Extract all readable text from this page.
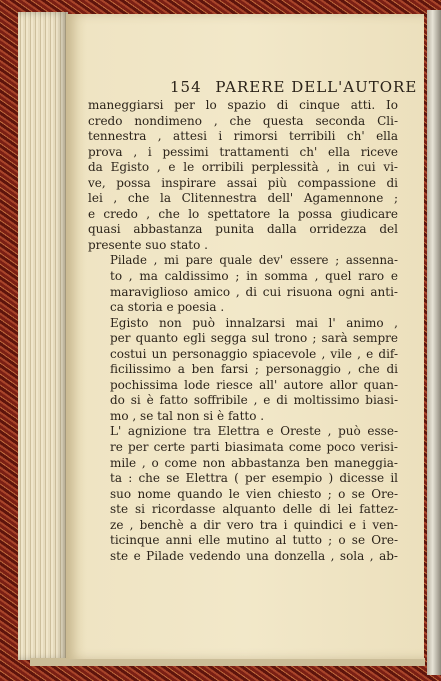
154 PARERE DELL'AUTORE

maneggiarsi per lo spazio di cinque atti. Io
credo nondimeno , che questa seconda Cli-
tennestra , attesi i rimorsi terribili ch' ella
prova , i pessimi trattamenti ch' ella riceve
da Egisto , e le orribili perplessità , in cui vi-
ve, possa inspirare assai più compassione di
lei , che la Clitennestra dell' Agamennone ;
e credo , che lo spettatore la possa giudicare
quasi abbastanza punita dalla orridezza del
presente suo stato .

Pilade , mi pare quale dev' essere ; assenna-
to , ma caldissimo ; in somma , quel raro e
maraviglioso amico , di cui risuona ogni anti-
ca storia e poesia .

Egisto non può innalzarsi mai l' animo ,
per quanto egli segga sul trono ; sarà sempre
costui un personaggio spiacevole , vile , e dif-
ficilissimo a ben farsi ; personaggio , che di
pochissima lode riesce all' autore allor quan-
do si è fatto soffribile , e di moltissimo biasi-
mo , se tal non si è fatto .

L' agnizione tra Elettra e Oreste , può esse-
re per certe parti biasimata come poco verisi-
mile , o come non abbastanza ben maneggia-
ta : che se Elettra ( per esempio ) dicesse il
suo nome quando le vien chiesto ; o se Ore-
ste si ricordasse alquanto delle di lei fattez-
ze , benchè a dir vero tra i quindici e i ven-
ticinque anni elle mutino al tutto ; o se Ore-
ste e Pilade vedendo una donzella , sola , ab-
